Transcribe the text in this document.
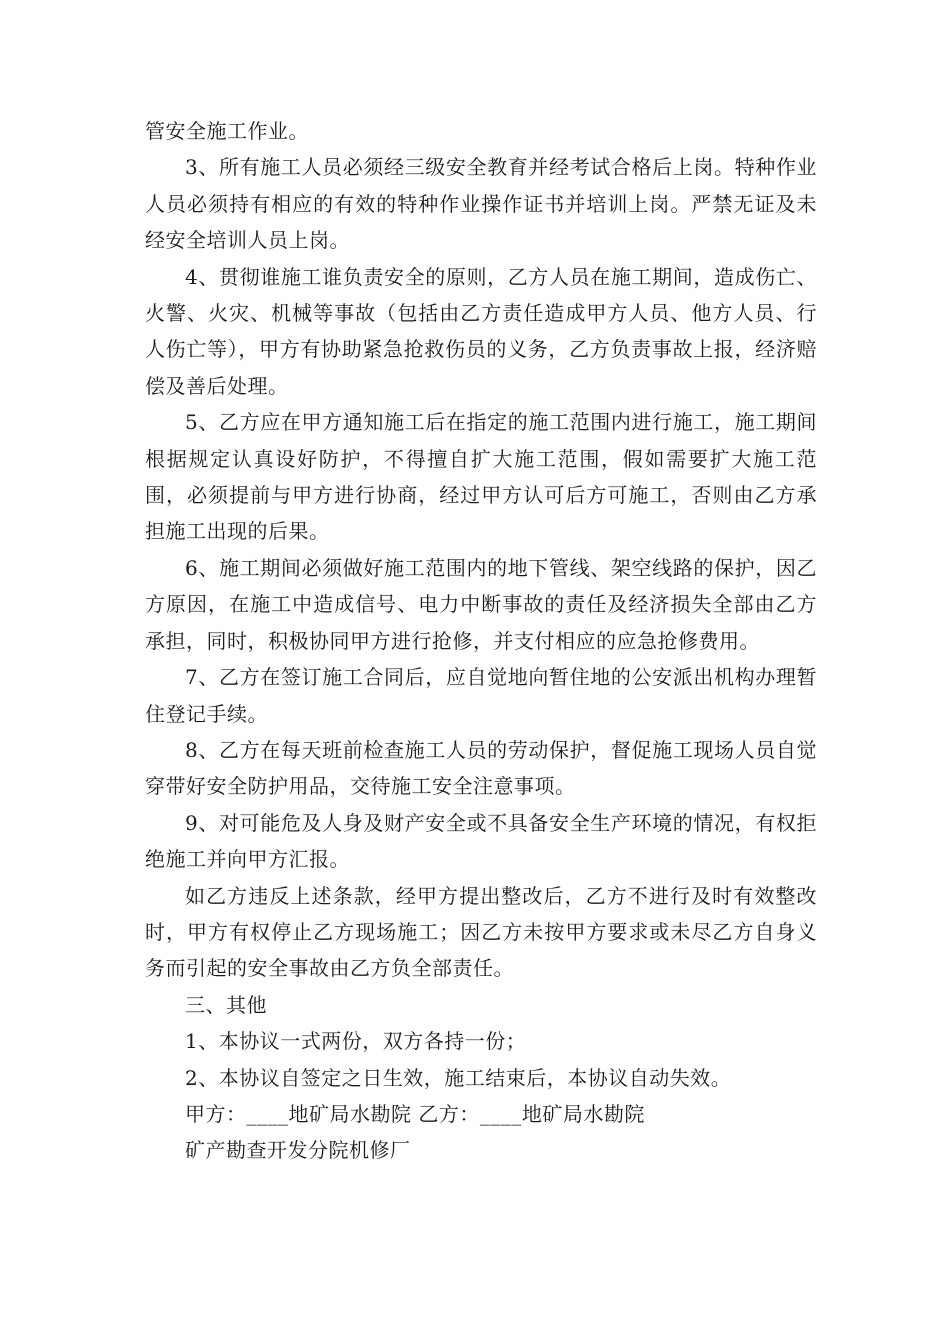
管安全施工作业。

3、所有施工人员必须经三级安全教育并经考试合格后上岗。特种作业人员必须持有相应的有效的特种作业操作证书并培训上岗。严禁无证及未经安全培训人员上岗。

4、贯彻谁施工谁负责安全的原则，乙方人员在施工期间，造成伤亡、火警、火灾、机械等事故（包括由乙方责任造成甲方人员、他方人员、行人伤亡等），甲方有协助紧急抢救伤员的义务，乙方负责事故上报，经济赔偿及善后处理。

5、乙方应在甲方通知施工后在指定的施工范围内进行施工，施工期间根据规定认真设好防护，不得擅自扩大施工范围，假如需要扩大施工范围，必须提前与甲方进行协商，经过甲方认可后方可施工，否则由乙方承担施工出现的后果。

6、施工期间必须做好施工范围内的地下管线、架空线路的保护，因乙方原因，在施工中造成信号、电力中断事故的责任及经济损失全部由乙方承担，同时，积极协同甲方进行抢修，并支付相应的应急抢修费用。

7、乙方在签订施工合同后，应自觉地向暂住地的公安派出机构办理暂住登记手续。

8、乙方在每天班前检查施工人员的劳动保护，督促施工现场人员自觉穿带好安全防护用品，交待施工安全注意事项。

9、对可能危及人身及财产安全或不具备安全生产环境的情况，有权拒绝施工并向甲方汇报。

如乙方违反上述条款，经甲方提出整改后，乙方不进行及时有效整改时，甲方有权停止乙方现场施工；因乙方未按甲方要求或未尽乙方自身义务而引起的安全事故由乙方负全部责任。

三、其他

1、本协议一式两份，双方各持一份；

2、本协议自签定之日生效，施工结束后，本协议自动失效。

甲方：____地矿局水勘院 乙方：____地矿局水勘院

矿产勘查开发分院机修厂
